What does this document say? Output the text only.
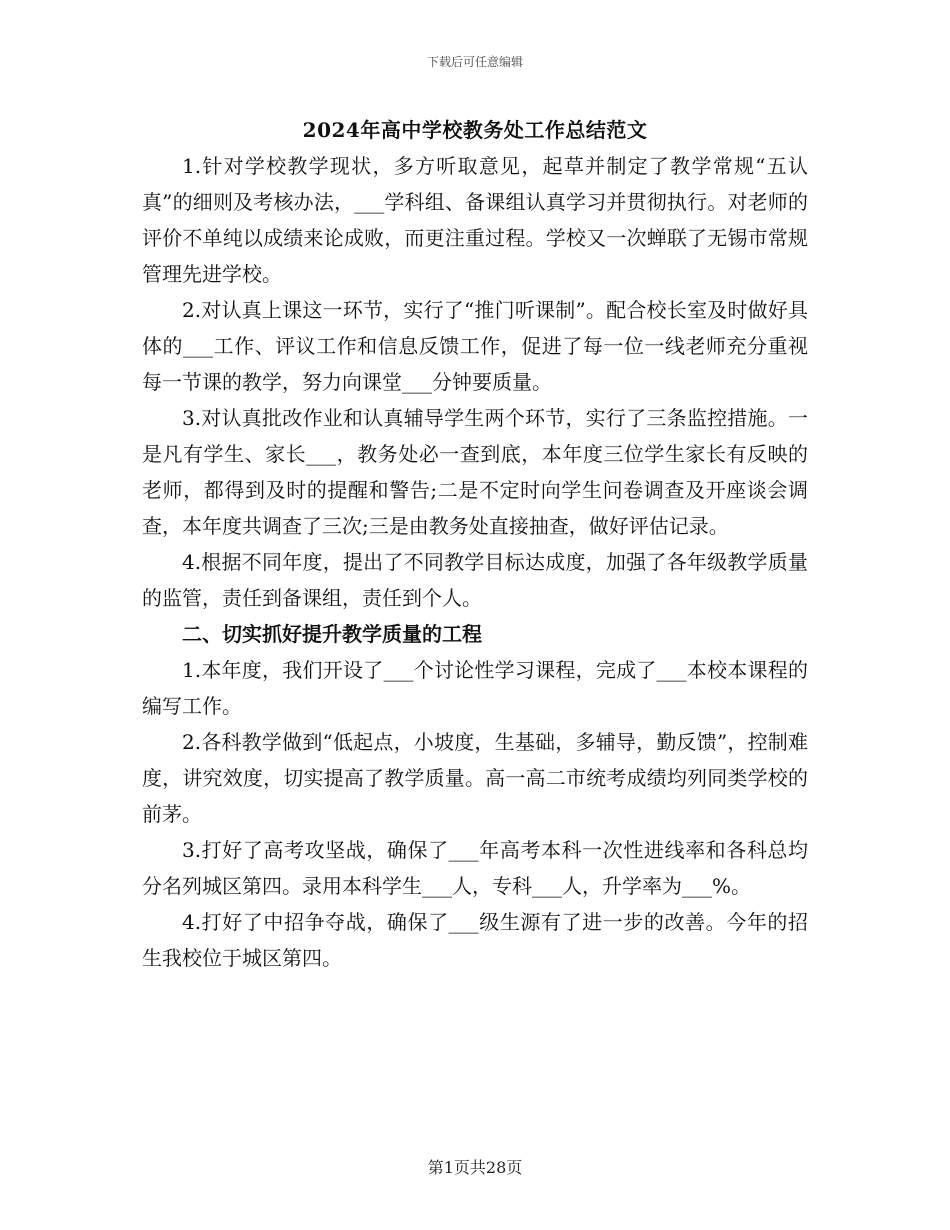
下载后可任意编辑
2024年高中学校教务处工作总结范文

1.针对学校教学现状，多方听取意见，起草并制定了教学常规“五认真”的细则及考核办法，___学科组、备课组认真学习并贯彻执行。对老师的评价不单纯以成绩来论成败，而更注重过程。学校又一次蝉联了无锡市常规管理先进学校。

2.对认真上课这一环节，实行了“推门听课制”。配合校长室及时做好具体的___工作、评议工作和信息反馈工作，促进了每一位一线老师充分重视每一节课的教学，努力向课堂___分钟要质量。

3.对认真批改作业和认真辅导学生两个环节，实行了三条监控措施。一是凡有学生、家长___，教务处必一查到底，本年度三位学生家长有反映的老师，都得到及时的提醒和警告;二是不定时向学生问卷调查及开座谈会调查，本年度共调查了三次;三是由教务处直接抽查，做好评估记录。

4.根据不同年度，提出了不同教学目标达成度，加强了各年级教学质量的监管，责任到备课组，责任到个人。

二、切实抓好提升教学质量的工程

1.本年度，我们开设了___个讨论性学习课程，完成了___本校本课程的编写工作。

2.各科教学做到“低起点，小坡度，生基础，多辅导，勤反馈”，控制难度，讲究效度，切实提高了教学质量。高一高二市统考成绩均列同类学校的前茅。

3.打好了高考攻坚战，确保了___年高考本科一次性进线率和各科总均分名列城区第四。录用本科学生___人，专科___人，升学率为___%。

4.打好了中招争夺战，确保了___级生源有了进一步的改善。今年的招生我校位于城区第四。

第1页共28页
